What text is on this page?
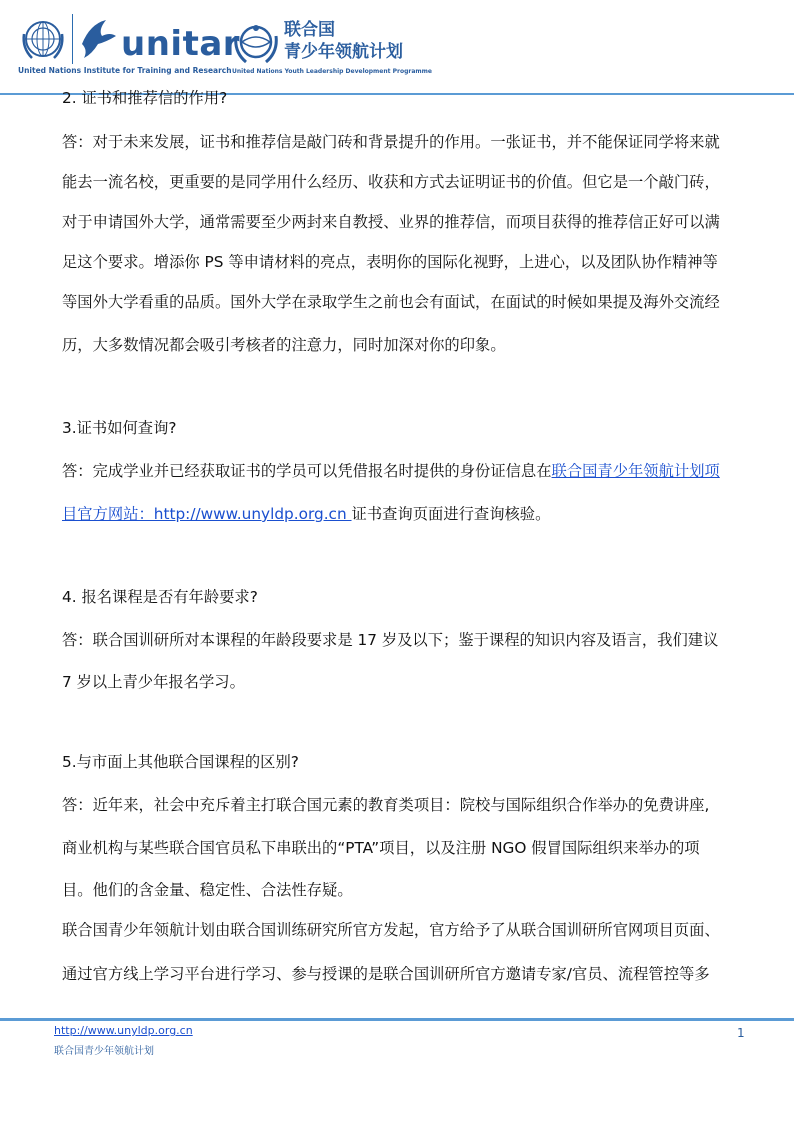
unitar
United Nations Institute for Training and Research
联合国
青少年领航计划
United Nations Youth Leadership Development Programme
2. 证书和推荐信的作用?
答：对于未来发展，证书和推荐信是敲门砖和背景提升的作用。一张证书，并不能保证同学将来就
能去一流名校，更重要的是同学用什么经历、收获和方式去证明证书的价值。但它是一个敲门砖，
对于申请国外大学，通常需要至少两封来自教授、业界的推荐信，而项目获得的推荐信正好可以满
足这个要求。增添你 PS 等申请材料的亮点，表明你的国际化视野，上进心，以及团队协作精神等
等国外大学看重的品质。国外大学在录取学生之前也会有面试，在面试的时候如果提及海外交流经
历，大多数情况都会吸引考核者的注意力，同时加深对你的印象。
3.证书如何查询?
答：完成学业并已经获取证书的学员可以凭借报名时提供的身份证信息在联合国青少年领航计划项
目官方网站：http://www.unyldp.org.cn 证书查询页面进行查询核验。
4. 报名课程是否有年龄要求?
答：联合国训研所对本课程的年龄段要求是 17 岁及以下；鉴于课程的知识内容及语言，我们建议
7 岁以上青少年报名学习。
5.与市面上其他联合国课程的区别?
答：近年来，社会中充斥着主打联合国元素的教育类项目：院校与国际组织合作举办的免费讲座,
商业机构与某些联合国官员私下串联出的“PTA”项目，以及注册 NGO 假冒国际组织来举办的项
目。他们的含金量、稳定性、合法性存疑。
联合国青少年领航计划由联合国训练研究所官方发起，官方给予了从联合国训研所官网项目页面、
通过官方线上学习平台进行学习、参与授课的是联合国训研所官方邀请专家/官员、流程管控等多
http://www.unyldp.org.cn
联合国青少年领航计划
1
